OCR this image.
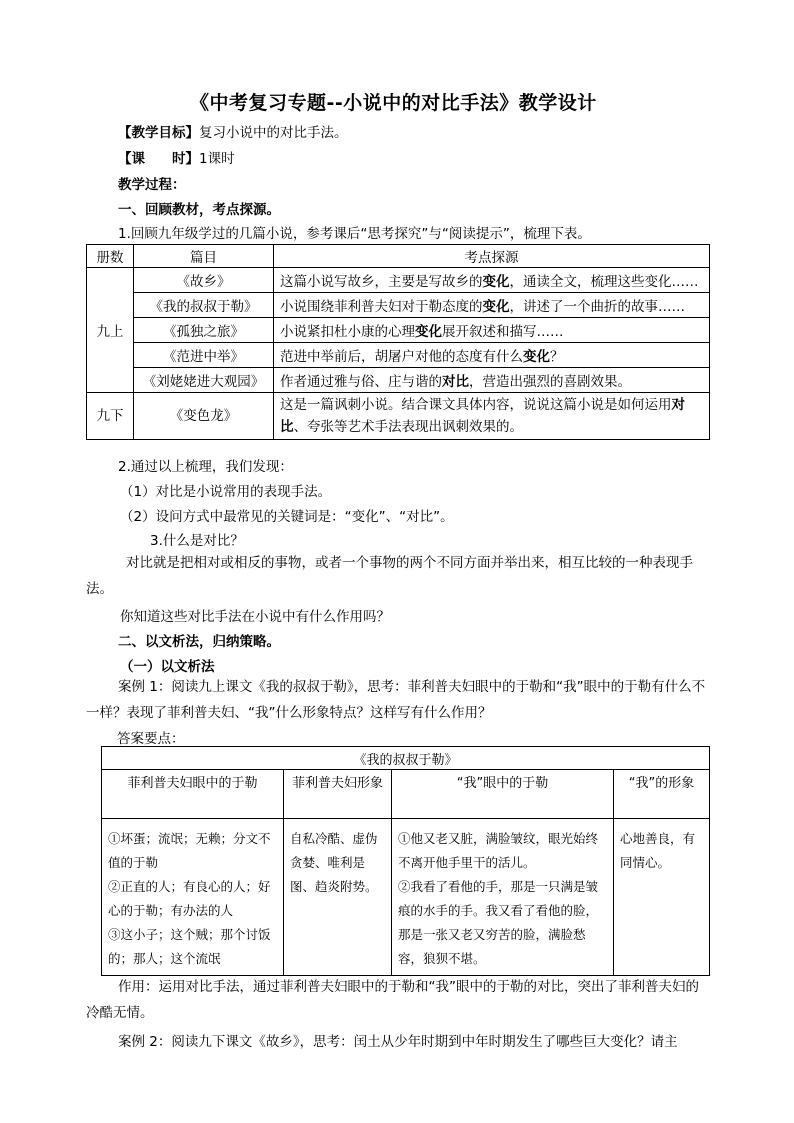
《中考复习专题--小说中的对比手法》教学设计
【教学目标】复习小说中的对比手法。
【课　　时】1课时
教学过程：
一、回顾教材，考点探源。
1.回顾九年级学过的几篇小说，参考课后“思考探究”与“阅读提示”，梳理下表。
册数	篇目	考点探源
九上	《故乡》	这篇小说写故乡，主要是写故乡的变化，通读全文，梳理这些变化……
	《我的叔叔于勒》	小说围绕菲利普夫妇对于勒态度的变化，讲述了一个曲折的故事……
	《孤独之旅》	小说紧扣杜小康的心理变化展开叙述和描写……
	《范进中举》	范进中举前后，胡屠户对他的态度有什么变化？
	《刘姥姥进大观园》	作者通过雅与俗、庄与谐的对比，营造出强烈的喜剧效果。
九下	《变色龙》	这是一篇讽刺小说。结合课文具体内容，说说这篇小说是如何运用对比、夸张等艺术手法表现出讽刺效果的。
2.通过以上梳理，我们发现：
（1）对比是小说常用的表现手法。
（2）设问方式中最常见的关键词是：“变化”、“对比”。
3.什么是对比？
对比就是把相对或相反的事物，或者一个事物的两个不同方面并举出来，相互比较的一种表现手法。
你知道这些对比手法在小说中有什么作用吗？
二、以文析法，归纳策略。
（一）以文析法
案例 1：阅读九上课文《我的叔叔于勒》，思考：菲利普夫妇眼中的于勒和“我”眼中的于勒有什么不一样？表现了菲利普夫妇、“我”什么形象特点？这样写有什么作用？
答案要点：
《我的叔叔于勒》			
菲利普夫妇眼中的于勒	菲利普夫妇形象	“我”眼中的于勒	“我”的形象

①坏蛋；流氓；无赖；分文不值的于勒
②正直的人；有良心的人；好心的于勒；有办法的人
③这小子；这个贼；那个讨饭的；那人；这个流氓	自私冷酷、虚伪贪婪、唯利是图、趋炎附势。	①他又老又脏，满脸皱纹，眼光始终不离开他手里干的活儿。
②我看了看他的手，那是一只满是皱痕的水手的手。我又看了看他的脸，那是一张又老又穷苦的脸，满脸愁容，狼狈不堪。	心地善良，有同情心。
作用：运用对比手法，通过菲利普夫妇眼中的于勒和“我”眼中的于勒的对比，突出了菲利普夫妇的冷酷无情。
案例 2：阅读九下课文《故乡》，思考：闰土从少年时期到中年时期发生了哪些巨大变化？请主
